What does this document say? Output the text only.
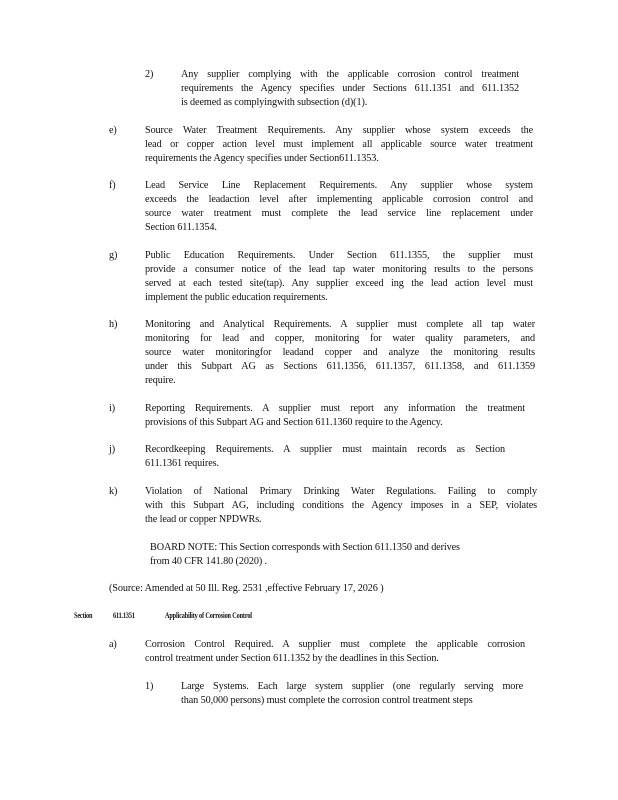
2)	Any supplier complying with the applicable corrosion control treatment
requirements the Agency specifies under Sections 611.1351 and 611.1352
is deemed as complyingwith subsection (d)(1).
e)	Source Water Treatment Requirements. Any supplier whose system exceeds the
lead or copper action level must implement all applicable source water treatment
requirements the Agency specifies under Section611.1353.
f)	Lead Service Line Replacement Requirements. Any supplier whose system
exceeds the leadaction level after implementing applicable corrosion control and
source water treatment must complete the lead service line replacement under
Section 611.1354.
g)	Public Education Requirements. Under Section 611.1355, the supplier must
provide a consumer notice of the lead tap water monitoring results to the persons
served at each tested site(tap). Any supplier exceed ing the lead action level must
implement the public education requirements.
h)	Monitoring and Analytical Requirements. A supplier must complete all tap water
monitoring for lead and copper, monitoring for water quality parameters, and
source water monitoringfor leadand copper and analyze the monitoring results
under this Subpart AG as Sections 611.1356, 611.1357, 611.1358, and 611.1359
require.
i)	Reporting Requirements. A supplier must report any information the treatment
provisions of this Subpart AG and Section 611.1360 require to the Agency.
j)	Recordkeeping Requirements. A supplier must maintain records as Section
611.1361 requires.
k)	Violation of National Primary Drinking Water Regulations. Failing to comply
with this Subpart AG, including conditions the Agency imposes in a SEP, violates
the lead or copper NPDWRs.
BOARD NOTE: This Section corresponds with Section 611.1350 and derives
from 40 CFR 141.80 (2020) .
(Source: Amended at 50 Ill. Reg. 2531 ,effective February 17, 2026 )
Section	611.1351	Applicability of Corrosion Control
a)	Corrosion Control Required. A supplier must complete the applicable corrosion
control treatment under Section 611.1352 by the deadlines in this Section.
1)	Large Systems. Each large system supplier (one regularly serving more
than 50,000 persons) must complete the corrosion control treatment steps
